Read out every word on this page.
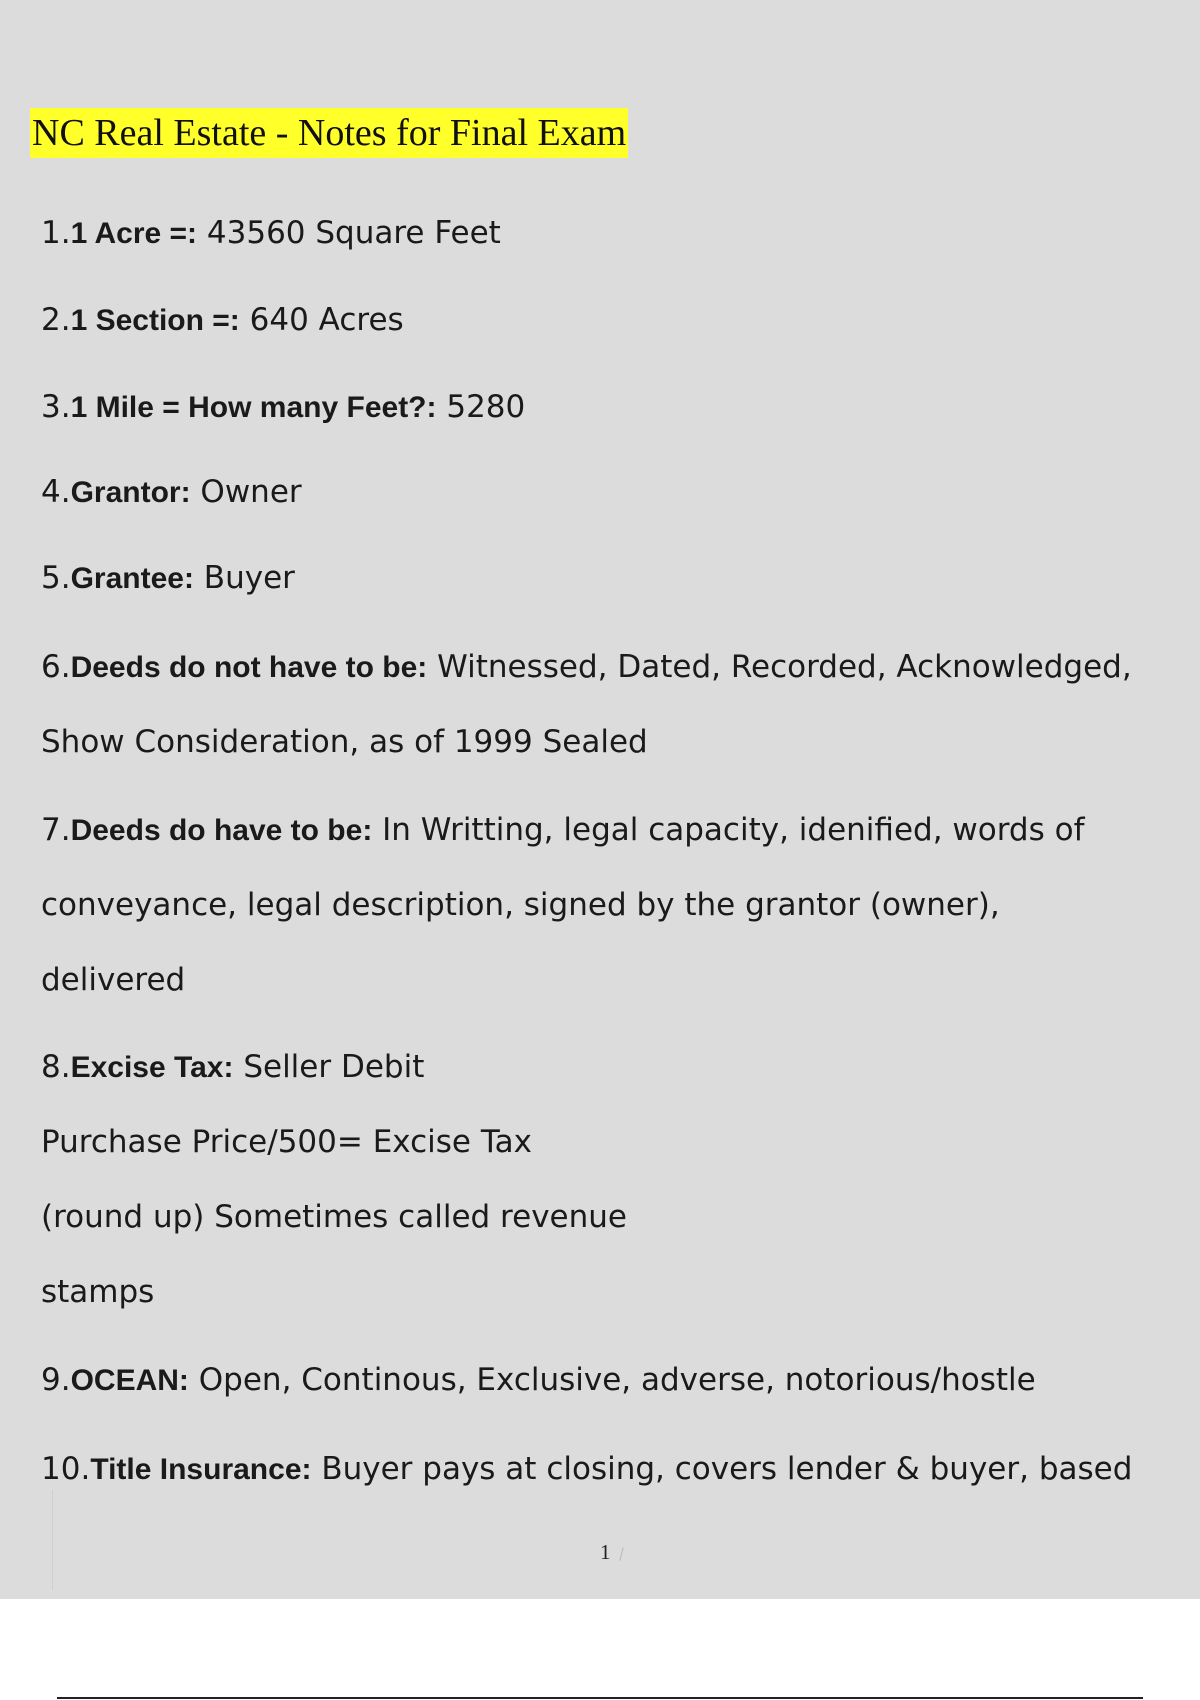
NC Real Estate - Notes for Final Exam
1.1 Acre =: 43560 Square Feet
2.1 Section =: 640 Acres
3.1 Mile = How many Feet?: 5280
4.Grantor: Owner
5.Grantee: Buyer
6.Deeds do not have to be: Witnessed, Dated, Recorded, Acknowledged,
Show Consideration, as of 1999 Sealed
7.Deeds do have to be: In Writting, legal capacity, idenified, words of
conveyance, legal description, signed by the grantor (owner),
delivered
8.Excise Tax: Seller Debit
Purchase Price/500= Excise Tax
(round up) Sometimes called revenue
stamps
9.OCEAN: Open, Continous, Exclusive, adverse, notorious/hostle
10.Title Insurance: Buyer pays at closing, covers lender & buyer, based
1
